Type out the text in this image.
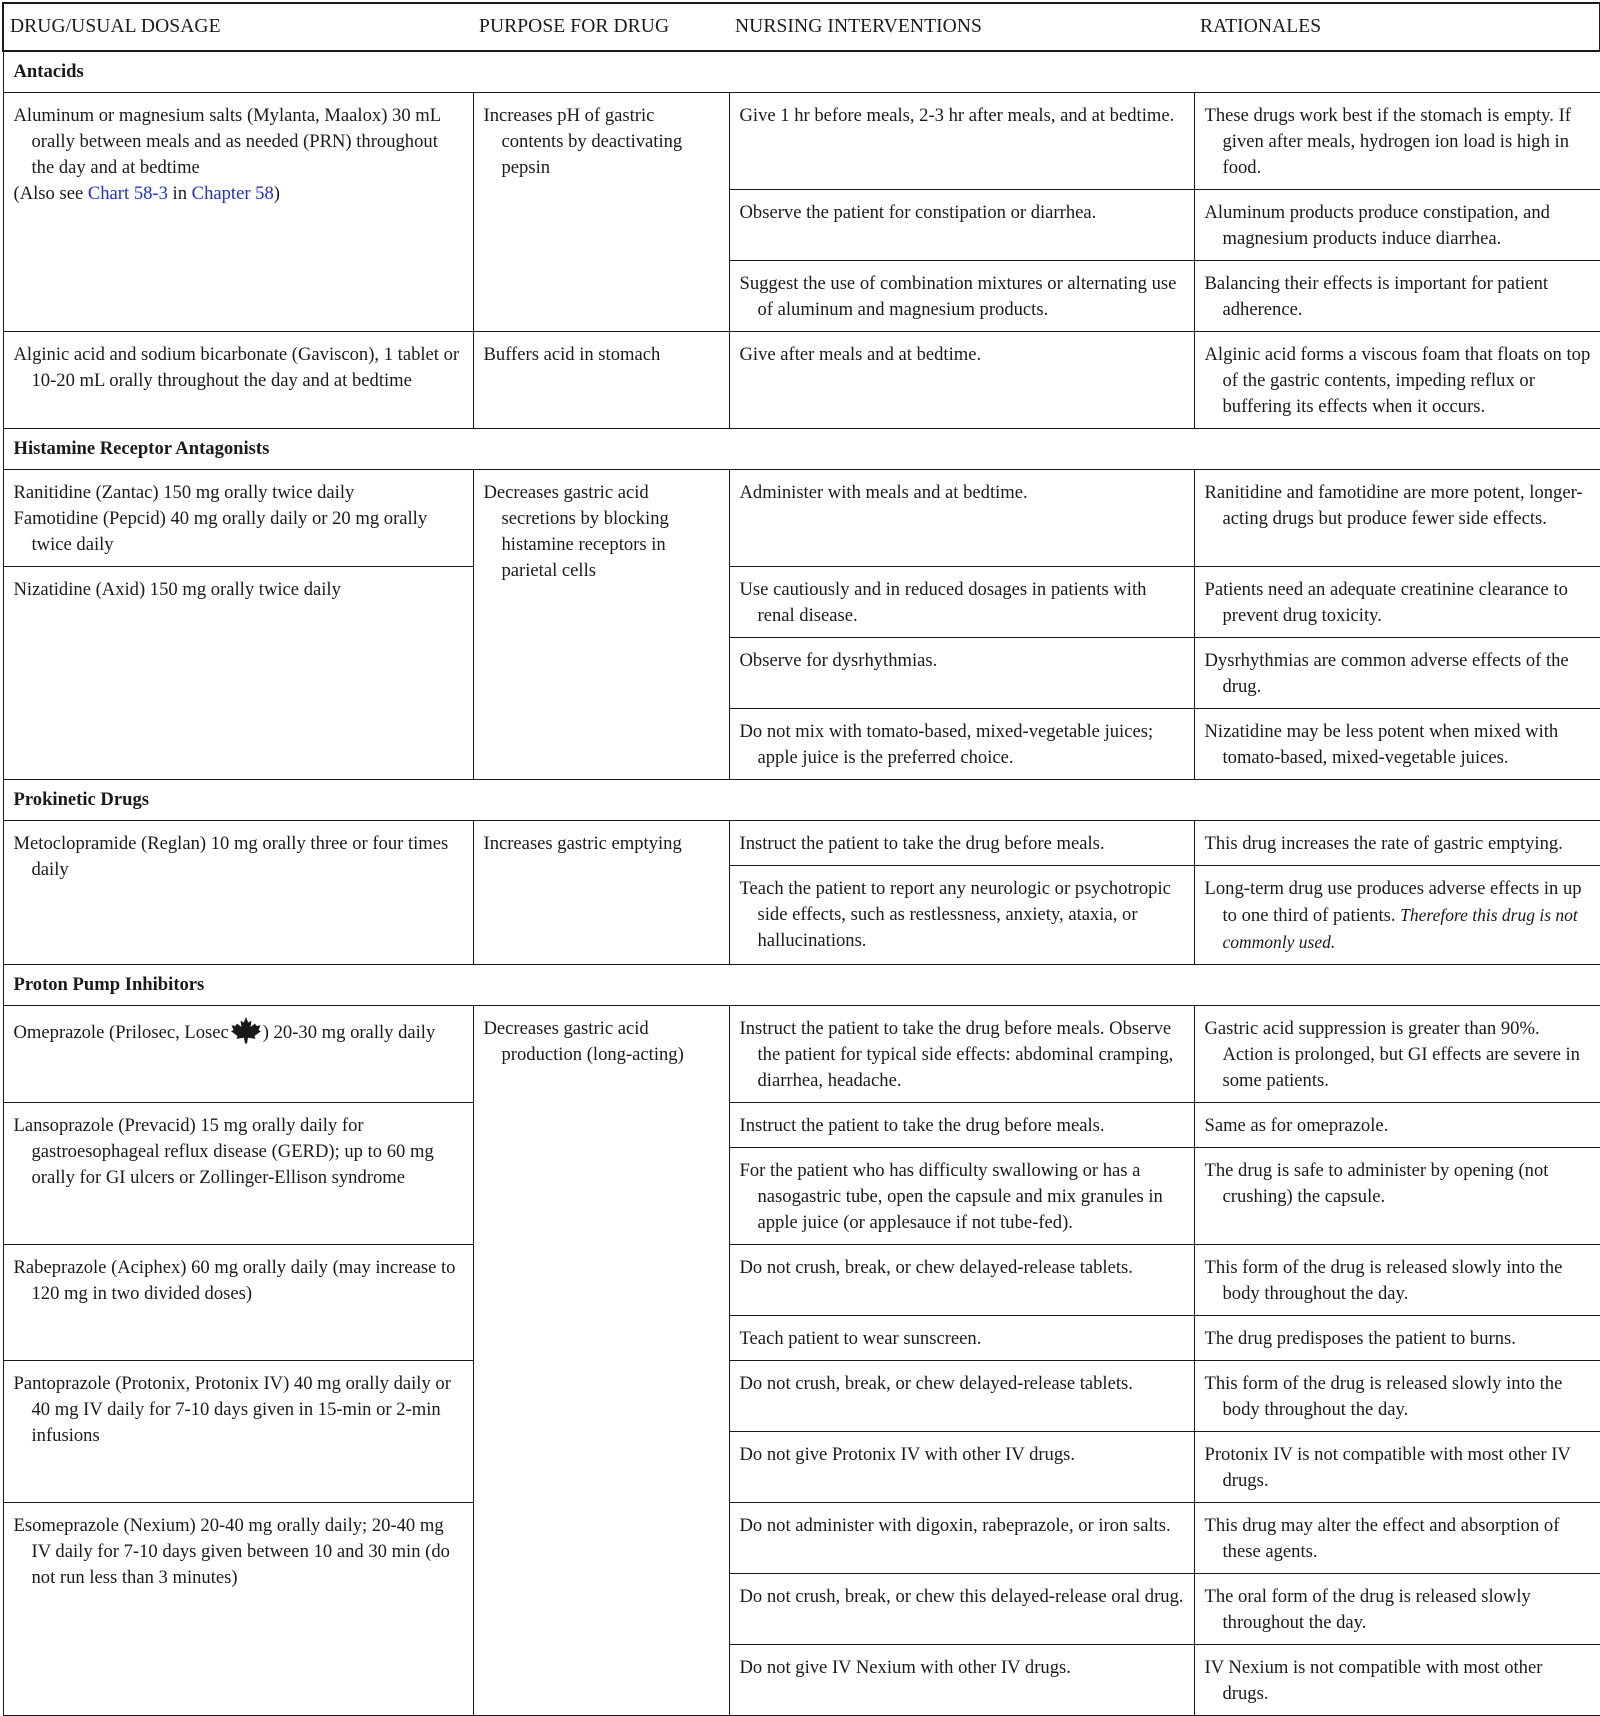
DRUG/USUAL DOSAGE	PURPOSE FOR DRUG	NURSING INTERVENTIONS	RATIONALES
Antacids			

Aluminum or magnesium salts (Mylanta, Maalox) 30 mL orally between meals and as needed (PRN) throughout the day and at bedtime

(Also see Chart 58-3 in Chapter 58)	Increases pH of gastric contents by deactivating pepsin	Give 1 hr before meals, 2-3 hr after meals, and at bedtime.	These drugs work best if the stomach is empty. If given after meals, hydrogen ion load is high in food.
		Observe the patient for constipation or diarrhea.	Aluminum products produce constipation, and magnesium products induce diarrhea.
		Suggest the use of combination mixtures or alternating use of aluminum and magnesium products.	Balancing their effects is important for patient adherence.
Alginic acid and sodium bicarbonate (Gaviscon), 1 tablet or 10-20 mL orally throughout the day and at bedtime	Buffers acid in stomach	Give after meals and at bedtime.	Alginic acid forms a viscous foam that floats on top of the gastric contents, impeding reflux or buffering its effects when it occurs.
Histamine Receptor Antagonists			

Ranitidine (Zantac) 150 mg orally twice daily

Famotidine (Pepcid) 40 mg orally daily or 20 mg orally twice daily	Decreases gastric acid secretions by blocking histamine receptors in parietal cells	Administer with meals and at bedtime.	Ranitidine and famotidine are more potent, longer-acting drugs but produce fewer side effects.
Nizatidine (Axid) 150 mg orally twice daily		Use cautiously and in reduced dosages in patients with renal disease.	Patients need an adequate creatinine clearance to prevent drug toxicity.
		Observe for dysrhythmias.	Dysrhythmias are common adverse effects of the drug.
		Do not mix with tomato-based, mixed-vegetable juices; apple juice is the preferred choice.	Nizatidine may be less potent when mixed with tomato-based, mixed-vegetable juices.
Prokinetic Drugs			
Metoclopramide (Reglan) 10 mg orally three or four times daily	Increases gastric emptying	Instruct the patient to take the drug before meals.	This drug increases the rate of gastric emptying.
		Teach the patient to report any neurologic or psychotropic side effects, such as restlessness, anxiety, ataxia, or hallucinations.	Long-term drug use produces adverse effects in up to one third of patients. Therefore this drug is not commonly used.
Proton Pump Inhibitors			
Omeprazole (Prilosec, Losec ) 20-30 mg orally daily	Decreases gastric acid production (long-acting)	Instruct the patient to take the drug before meals. Observe the patient for typical side effects: abdominal cramping, diarrhea, headache.	Gastric acid suppression is greater than 90%. Action is prolonged, but GI effects are severe in some patients.
Lansoprazole (Prevacid) 15 mg orally daily for gastroesophageal reflux disease (GERD); up to 60 mg orally for GI ulcers or Zollinger-Ellison syndrome		Instruct the patient to take the drug before meals.	Same as for omeprazole.
		For the patient who has difficulty swallowing or has a nasogastric tube, open the capsule and mix granules in apple juice (or applesauce if not tube-fed).	The drug is safe to administer by opening (not crushing) the capsule.
Rabeprazole (Aciphex) 60 mg orally daily (may increase to 120 mg in two divided doses)		Do not crush, break, or chew delayed-release tablets.	This form of the drug is released slowly into the body throughout the day.
		Teach patient to wear sunscreen.	The drug predisposes the patient to burns.
Pantoprazole (Protonix, Protonix IV) 40 mg orally daily or 40 mg IV daily for 7-10 days given in 15-min or 2-min infusions		Do not crush, break, or chew delayed-release tablets.	This form of the drug is released slowly into the body throughout the day.
		Do not give Protonix IV with other IV drugs.	Protonix IV is not compatible with most other IV drugs.
Esomeprazole (Nexium) 20-40 mg orally daily; 20-40 mg IV daily for 7-10 days given between 10 and 30 min (do not run less than 3 minutes)		Do not administer with digoxin, rabeprazole, or iron salts.	This drug may alter the effect and absorption of these agents.
		Do not crush, break, or chew this delayed-release oral drug.	The oral form of the drug is released slowly throughout the day.
		Do not give IV Nexium with other IV drugs.	IV Nexium is not compatible with most other drugs.
